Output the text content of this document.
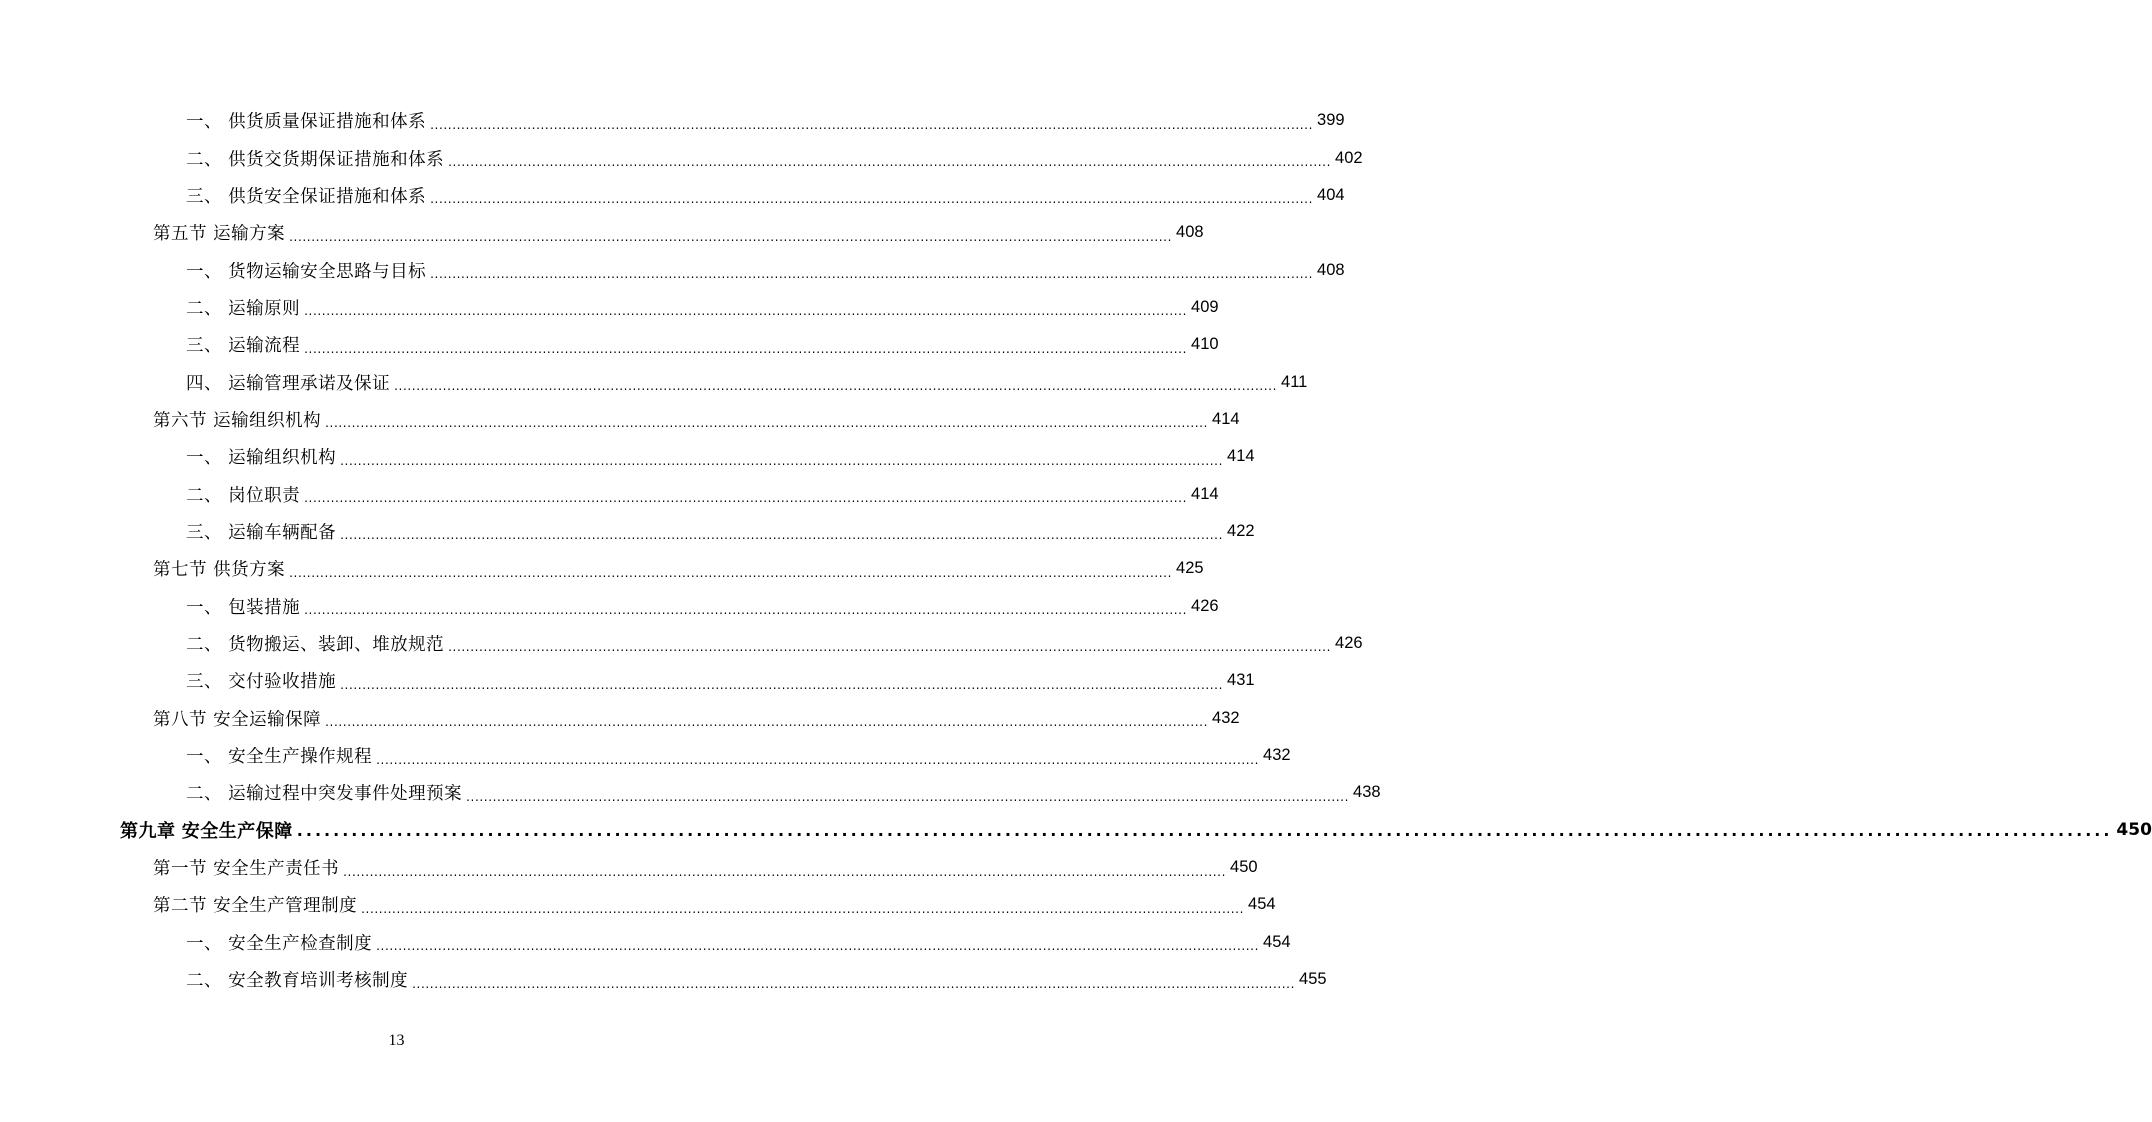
一、 供货质量保证措施和体系 ........................................................................................................................................................................................................ 399
二、 供货交货期保证措施和体系 ........................................................................................................................................................................................................ 402
三、 供货安全保证措施和体系 ........................................................................................................................................................................................................ 404
第五节 运输方案 ........................................................................................................................................................................................................ 408
一、 货物运输安全思路与目标 ........................................................................................................................................................................................................ 408
二、 运输原则 ........................................................................................................................................................................................................ 409
三、 运输流程 ........................................................................................................................................................................................................ 410
四、 运输管理承诺及保证 ........................................................................................................................................................................................................ 411
第六节 运输组织机构 ........................................................................................................................................................................................................ 414
一、 运输组织机构 ........................................................................................................................................................................................................ 414
二、 岗位职责 ........................................................................................................................................................................................................ 414
三、 运输车辆配备 ........................................................................................................................................................................................................ 422
第七节 供货方案 ........................................................................................................................................................................................................ 425
一、 包装措施 ........................................................................................................................................................................................................ 426
二、 货物搬运、装卸、堆放规范 ........................................................................................................................................................................................................ 426
三、 交付验收措施 ........................................................................................................................................................................................................ 431
第八节 安全运输保障 ........................................................................................................................................................................................................ 432
一、 安全生产操作规程 ........................................................................................................................................................................................................ 432
二、 运输过程中突发事件处理预案 ........................................................................................................................................................................................................ 438
第九章 安全生产保障 ........................................................................................................................................................................................................ 450
第一节 安全生产责任书 ........................................................................................................................................................................................................ 450
第二节 安全生产管理制度 ........................................................................................................................................................................................................ 454
一、 安全生产检查制度 ........................................................................................................................................................................................................ 454
二、 安全教育培训考核制度 ........................................................................................................................................................................................................ 455
13
